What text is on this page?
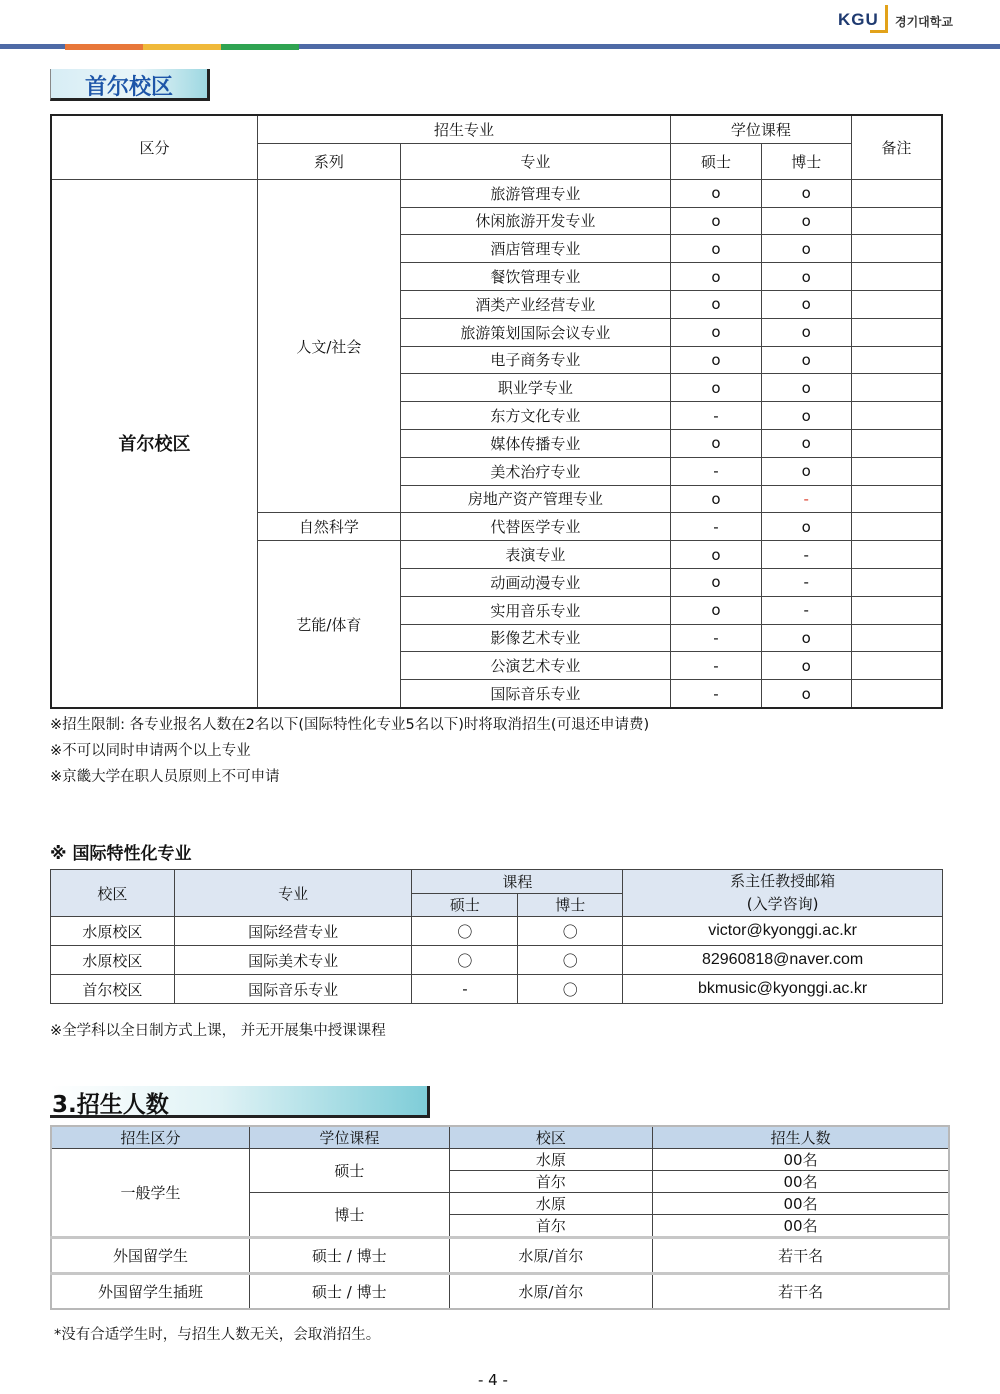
KGU 경기대학교
首尔校区
区分	招生专业		学位课程		备注
	系列	专业	硕士	博士	
首尔校区	人文/社会	旅游管理专业	o	o	
		休闲旅游开发专业	o	o	
		酒店管理专业	o	o	
		餐饮管理专业	o	o	
		酒类产业经营专业	o	o	
		旅游策划国际会议专业	o	o	
		电子商务专业	o	o	
		职业学专业	o	o	
		东方文化专业	-	o	
		媒体传播专业	o	o	
		美术治疗专业	-	o	
		房地产资产管理专业	o	-	
	自然科学	代替医学专业	-	o	
	艺能/体育	表演专业	o	-	
		动画动漫专业	o	-	
		实用音乐专业	o	-	
		影像艺术专业	-	o	
		公演艺术专业	-	o	
		国际音乐专业	-	o	
※招生限制: 各专业报名人数在2名以下(国际特性化专业5名以下)时将取消招生(可退还申请费)
※不可以同时申请两个以上专业
※京畿大学在职人员原则上不可申请
※ 国际特性化专业
校区	专业	课程		系主任教授邮箱
(入学咨询)

		硕士	博士	
水原校区	国际经营专业	〇	〇	victor@kyonggi.ac.kr
水原校区	国际美术专业	〇	〇	82960818@naver.com
首尔校区	国际音乐专业	-	〇	bkmusic@kyonggi.ac.kr
※全学科以全日制方式上课， 并无开展集中授课课程
3.招生人数
招生区分	学位课程	校区	招生人数
一般学生	硕士	水原	00名
		首尔	00名
	博士	水原	00名
		首尔	00名
外国留学生	硕士 / 博士	水原/首尔	若干名
外国留学生插班	硕士 / 博士	水原/首尔	若干名
*没有合适学生时，与招生人数无关，会取消招生。
- 4 -
